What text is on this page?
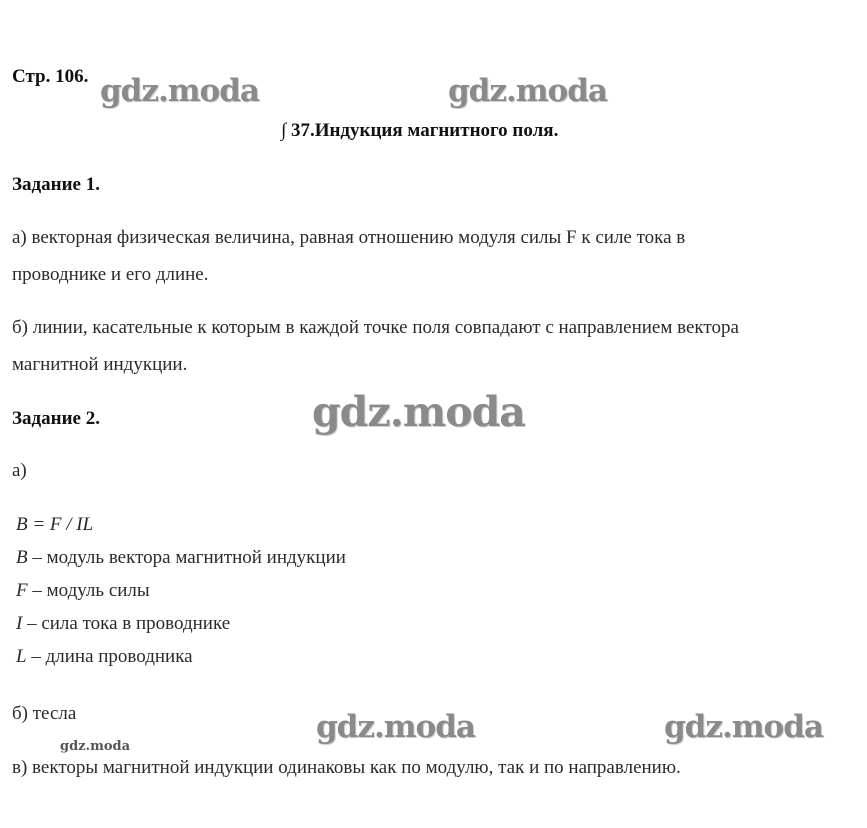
Стр. 106.
∫ 37.Индукция магнитного поля.
Задание 1.
а) векторная физическая величина, равная отношению модуля силы F к силе тока в
проводнике и его длине.
б) линии, касательные к которым в каждой точке поля совпадают с направлением вектора
магнитной индукции.
Задание 2.
а)
B = F / IL
B – модуль вектора магнитной индукции
F – модуль силы
I – сила тока в проводнике
L – длина проводника
б) тесла
в) векторы магнитной индукции одинаковы как по модулю, так и по направлению.
gdz.moda	gdz.moda
gdz.moda
gdz.moda	gdz.moda
gdz.moda
